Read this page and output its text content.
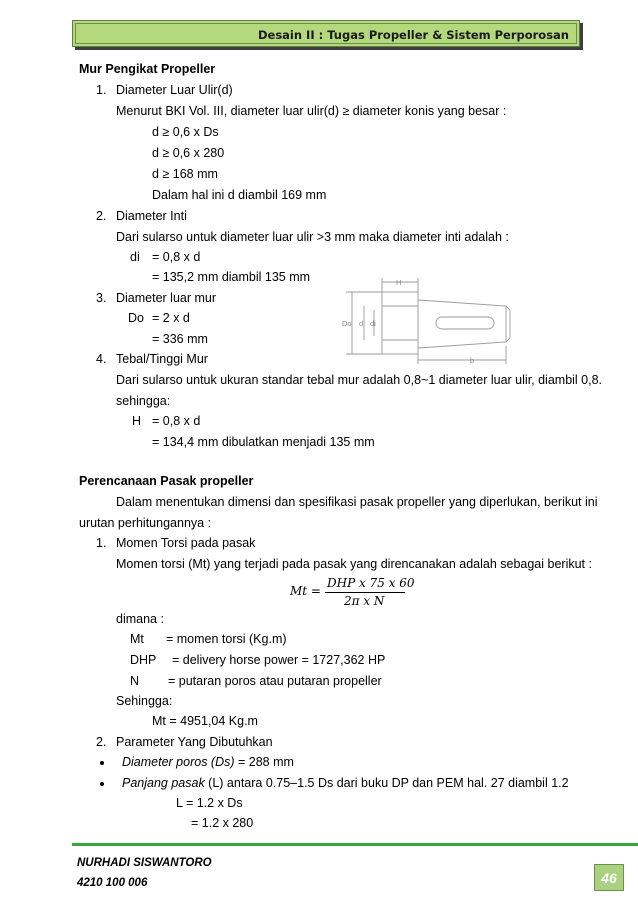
Desain II : Tugas Propeller & Sistem Perporosan
Mur Pengikat Propeller
1. Diameter Luar Ulir(d)
Menurut BKI Vol. III, diameter luar ulir(d) ≥ diameter konis yang besar :
d ≥ 0,6 x Ds
d ≥ 0,6 x 280
d ≥ 168 mm
Dalam hal ini d diambil 169 mm
2. Diameter Inti
Dari sularso untuk diameter luar ulir >3 mm maka diameter inti adalah :
di = 0,8 x d
= 135,2 mm diambil 135 mm
3. Diameter luar mur
Do = 2 x d
= 336 mm
4. Tebal/Tinggi Mur
Dari sularso untuk ukuran standar tebal mur adalah 0,8~1 diameter luar ulir, diambil 0,8.
sehingga:
H = 0,8 x d
= 134,4 mm dibulatkan menjadi 135 mm
H
Do d di
b
Perencanaan Pasak propeller
Dalam menentukan dimensi dan spesifikasi pasak propeller yang diperlukan, berikut ini
urutan perhitungannya :
1. Momen Torsi pada pasak
Momen torsi (Mt) yang terjadi pada pasak yang direncanakan adalah sebagai berikut :
Mt =
DHP x 75 x 60
2π x N
dimana :
Mt = momen torsi (Kg.m)
DHP = delivery horse power = 1727,362 HP
N = putaran poros atau putaran propeller
Sehingga:
Mt = 4951,04 Kg.m
2. Parameter Yang Dibutuhkan
Diameter poros (Ds) = 288 mm
Panjang pasak (L) antara 0.75–1.5 Ds dari buku DP dan PEM hal. 27 diambil 1.2
L = 1.2 x Ds
= 1.2 x 280
NURHADI SISWANTORO
4210 100 006	46
